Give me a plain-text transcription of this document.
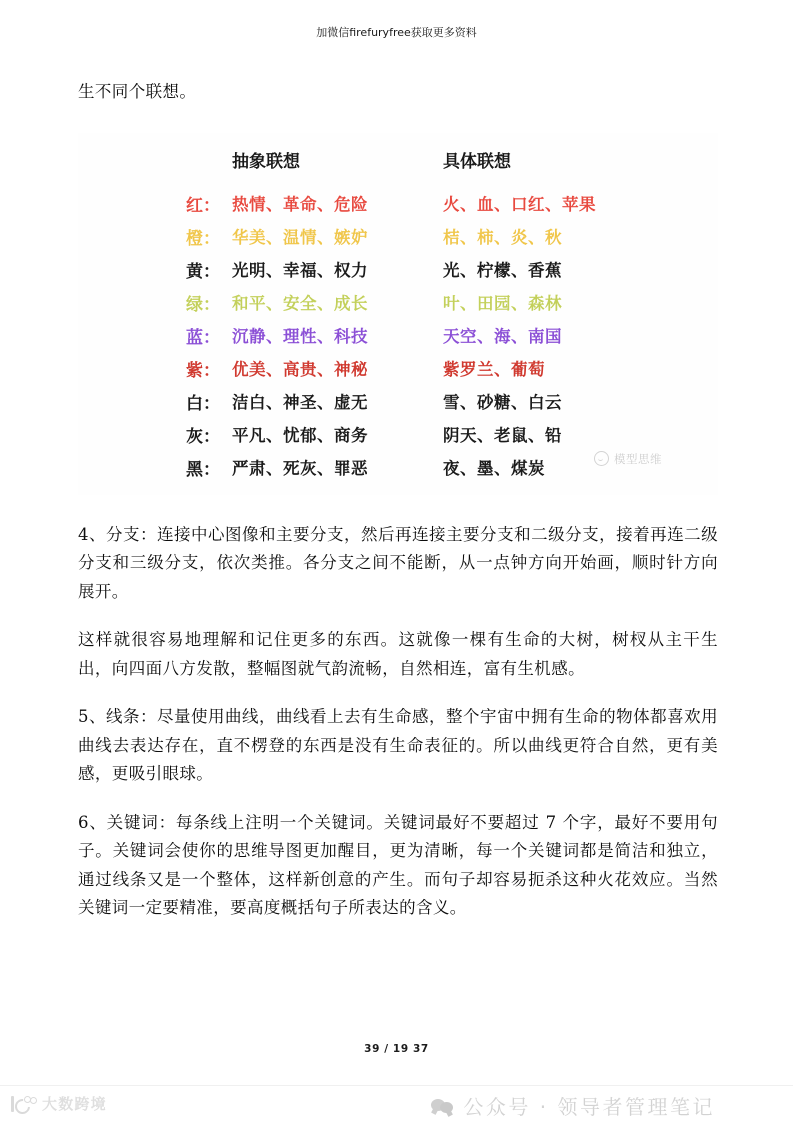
加微信firefuryfree获取更多资料
生不同个联想。
	抽象联想	具体联想
红：	热情、革命、危险	火、血、口红、苹果
橙：	华美、温情、嫉妒	桔、柿、炎、秋
黄：	光明、幸福、权力	光、柠檬、香蕉
绿：	和平、安全、成长	叶、田园、森林
蓝：	沉静、理性、科技	天空、海、南国
紫：	优美、高贵、神秘	紫罗兰、葡萄
白：	洁白、神圣、虚无	雪、砂糖、白云
灰：	平凡、忧郁、商务	阴天、老鼠、铅
黑：	严肃、死灰、罪恶	夜、墨、煤炭
模型思维
4、分支：连接中心图像和主要分支，然后再连接主要分支和二级分支，接着再连二级分支和三级分支，依次类推。各分支之间不能断，从一点钟方向开始画，顺时针方向展开。
这样就很容易地理解和记住更多的东西。这就像一棵有生命的大树，树杈从主干生出，向四面八方发散，整幅图就气韵流畅，自然相连，富有生机感。
5、线条：尽量使用曲线，曲线看上去有生命感，整个宇宙中拥有生命的物体都喜欢用曲线去表达存在，直不楞登的东西是没有生命表征的。所以曲线更符合自然，更有美感，更吸引眼球。
6、关键词：每条线上注明一个关键词。关键词最好不要超过 7 个字，最好不要用句子。关键词会使你的思维导图更加醒目，更为清晰，每一个关键词都是简洁和独立，通过线条又是一个整体，这样新创意的产生。而句子却容易扼杀这种火花效应。当然关键词一定要精准，要高度概括句子所表达的含义。
39 / 19 37
大数跨境	公众号 · 领导者管理笔记
